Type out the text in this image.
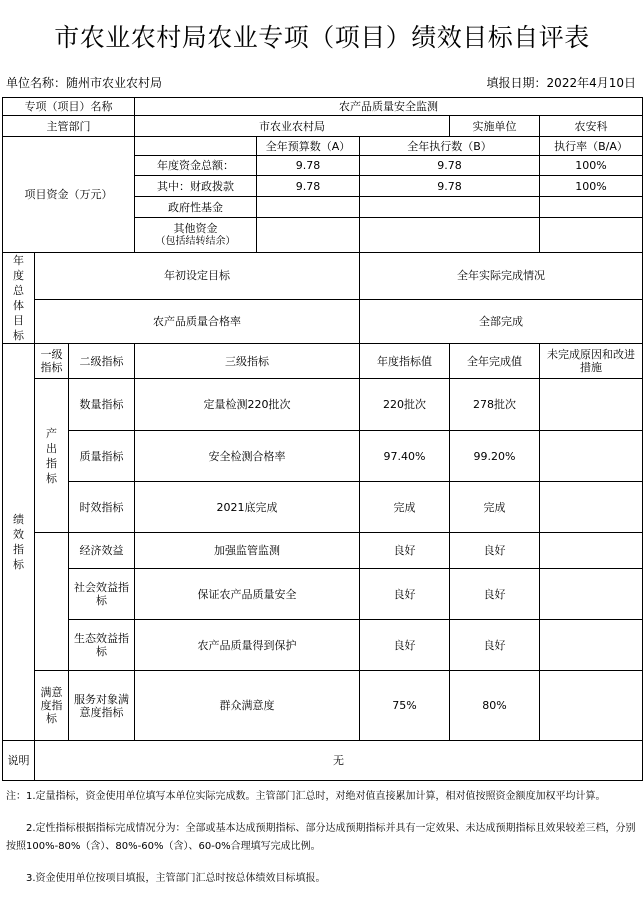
市农业农村局农业专项（项目）绩效目标自评表
单位名称：随州市农业农村局	填报日期：2022年4月10日
专项（项目）名称			农产品质量安全监测				
主管部门			市农业农村局			实施单位	农安科
项目资金（万元）				全年预算数（A）	全年执行数（B）		执行率（B/A）
			年度资金总额：	9.78	9.78		100%
			其中：财政拨款	9.78	9.78		100%
			政府性基金				

			其他资金
（包括结转结余）				

年度总体目标	年初设定目标				全年实际完成情况		
	农产品质量合格率				全部完成		

绩效指标	一级指标	二级指标	三级指标		年度指标值	全年完成值	未完成原因和改进措施

	产出指标	数量指标	定量检测220批次		220批次	278批次	
		质量指标	安全检测合格率		97.40%	99.20%	
		时效指标	2021底完成		完成	完成	
		经济效益	加强监管监测		良好	良好	
		社会效益指标	保证农产品质量安全		良好	良好	
		生态效益指标	农产品质量得到保护		良好	良好	
	满意度指标	服务对象满意度指标	群众满意度		75%	80%	
说明	无						

注：1.定量指标，资金使用单位填写本单位实际完成数。主管部门汇总时，对绝对值直接累加计算，相对值按照资金额度加权平均计算。

2.定性指标根据指标完成情况分为：全部或基本达成预期指标、部分达成预期指标并具有一定效果、未达成预期指标且效果较差三档，分别按照100%-80%（含）、80%-60%（含）、60-0%合理填写完成比例。

3.资金使用单位按项目填报，主管部门汇总时按总体绩效目标填报。
